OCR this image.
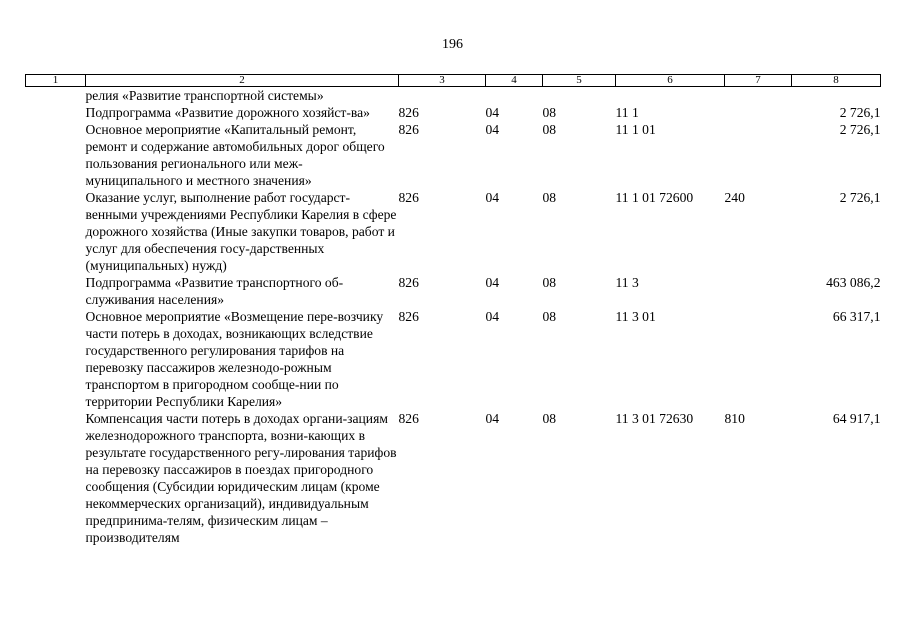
196
1	2	3	4	5	6	7	8
	релия «Развитие транспортной системы»						
	Подпрограмма «Развитие дорожного хозяйст-ва»	826	04	08	11 1		2 726,1
	Основное мероприятие «Капитальный ремонт, ремонт и содержание автомобильных дорог общего пользования регионального или меж-муниципального и местного значения»	826	04	08	11 1 01		2 726,1
	Оказание услуг, выполнение работ государст-венными учреждениями Республики Карелия в сфере дорожного хозяйства (Иные закупки товаров, работ и услуг для обеспечения госу-дарственных (муниципальных) нужд)	826	04	08	11 1 01 72600	240	2 726,1
	Подпрограмма «Развитие транспортного об-служивания населения»	826	04	08	11 3		463 086,2
	Основное мероприятие «Возмещение пере-возчику части потерь в доходах, возникающих вследствие государственного регулирования тарифов на перевозку пассажиров железнодо-рожным транспортом в пригородном сообще-нии по территории Республики Карелия»	826	04	08	11 3 01		66 317,1
	Компенсация части потерь в доходах органи-зациям железнодорожного транспорта, возни-кающих в результате государственного регу-лирования тарифов на перевозку пассажиров в поездах пригородного сообщения (Субсидии юридическим лицам (кроме некоммерческих организаций), индивидуальным предпринима-телям, физическим лицам – производителям	826	04	08	11 3 01 72630	810	64 917,1
